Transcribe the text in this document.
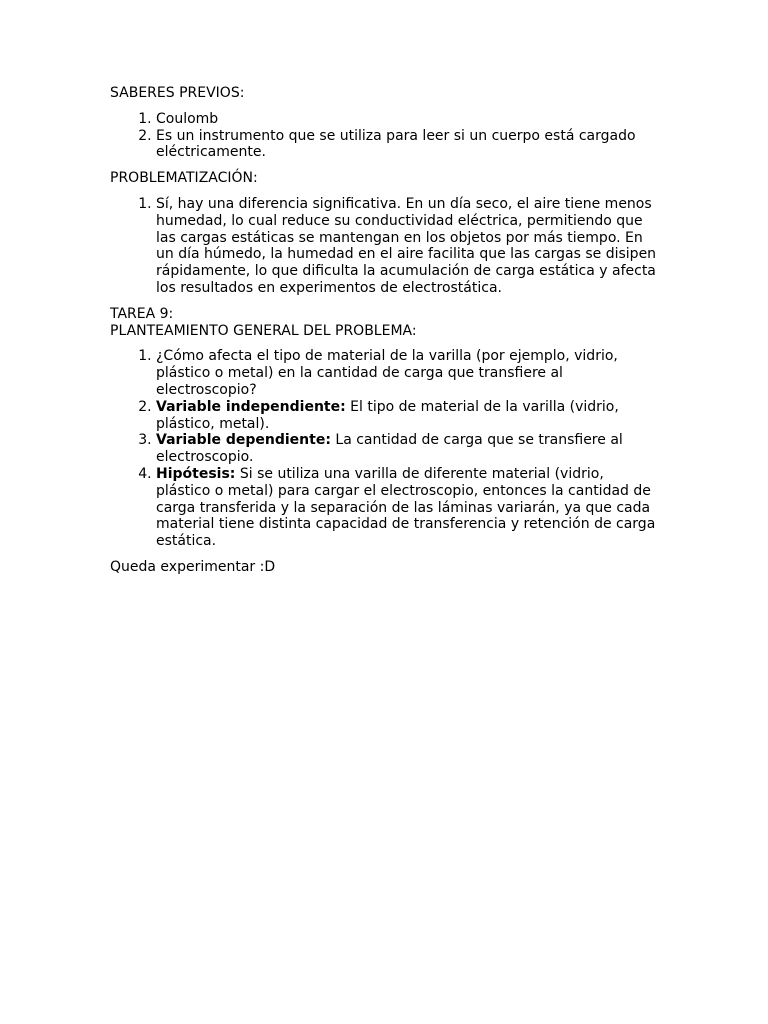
SABERES PREVIOS:

1. Coulomb
2. Es un instrumento que se utiliza para leer si un cuerpo está cargado eléctricamente.

PROBLEMATIZACIÓN:

1. Sí, hay una diferencia significativa. En un día seco, el aire tiene menos humedad, lo cual reduce su conductividad eléctrica, permitiendo que las cargas estáticas se mantengan en los objetos por más tiempo. En un día húmedo, la humedad en el aire facilita que las cargas se disipen rápidamente, lo que dificulta la acumulación de carga estática y afecta los resultados en experimentos de electrostática.

TAREA 9:

PLANTEAMIENTO GENERAL DEL PROBLEMA:

1. ¿Cómo afecta el tipo de material de la varilla (por ejemplo, vidrio, plástico o metal) en la cantidad de carga que transfiere al electroscopio?
2. Variable independiente: El tipo de material de la varilla (vidrio, plástico, metal).
3. Variable dependiente: La cantidad de carga que se transfiere al electroscopio.
4. Hipótesis: Si se utiliza una varilla de diferente material (vidrio, plástico o metal) para cargar el electroscopio, entonces la cantidad de carga transferida y la separación de las láminas variarán, ya que cada material tiene distinta capacidad de transferencia y retención de carga estática.

Queda experimentar :D
